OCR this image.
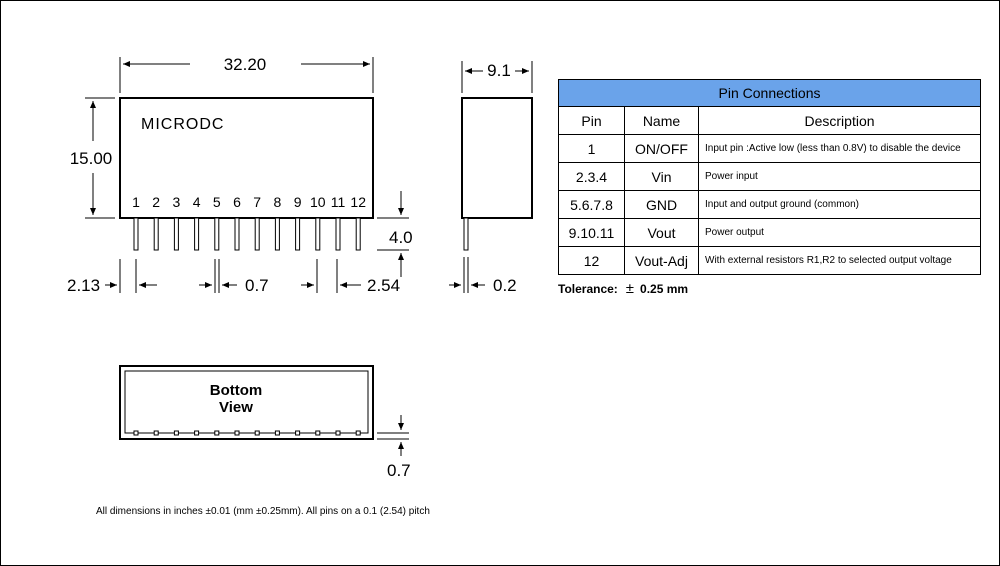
MICRODC
1 2 3 4 5 6 7 8 9 10 11 12
32.20
15.00
4.0
2.13	0.7	2.54
9.1
0.2
Bottom
View
0.7
All dimensions in inches ±0.01 (mm ±0.25mm). All pins on a 0.1 (2.54) pitch
Pin Connections		
Pin	Name	Description
1	ON/OFF	Input pin :Active low (less than 0.8V) to disable the device
2.3.4	Vin	Power input
5.6.7.8	GND	Input and output ground (common)
9.10.11	Vout	Power output
12	Vout-Adj	With external resistors R1,R2 to selected output voltage
Tolerance: ± 0.25 mm
